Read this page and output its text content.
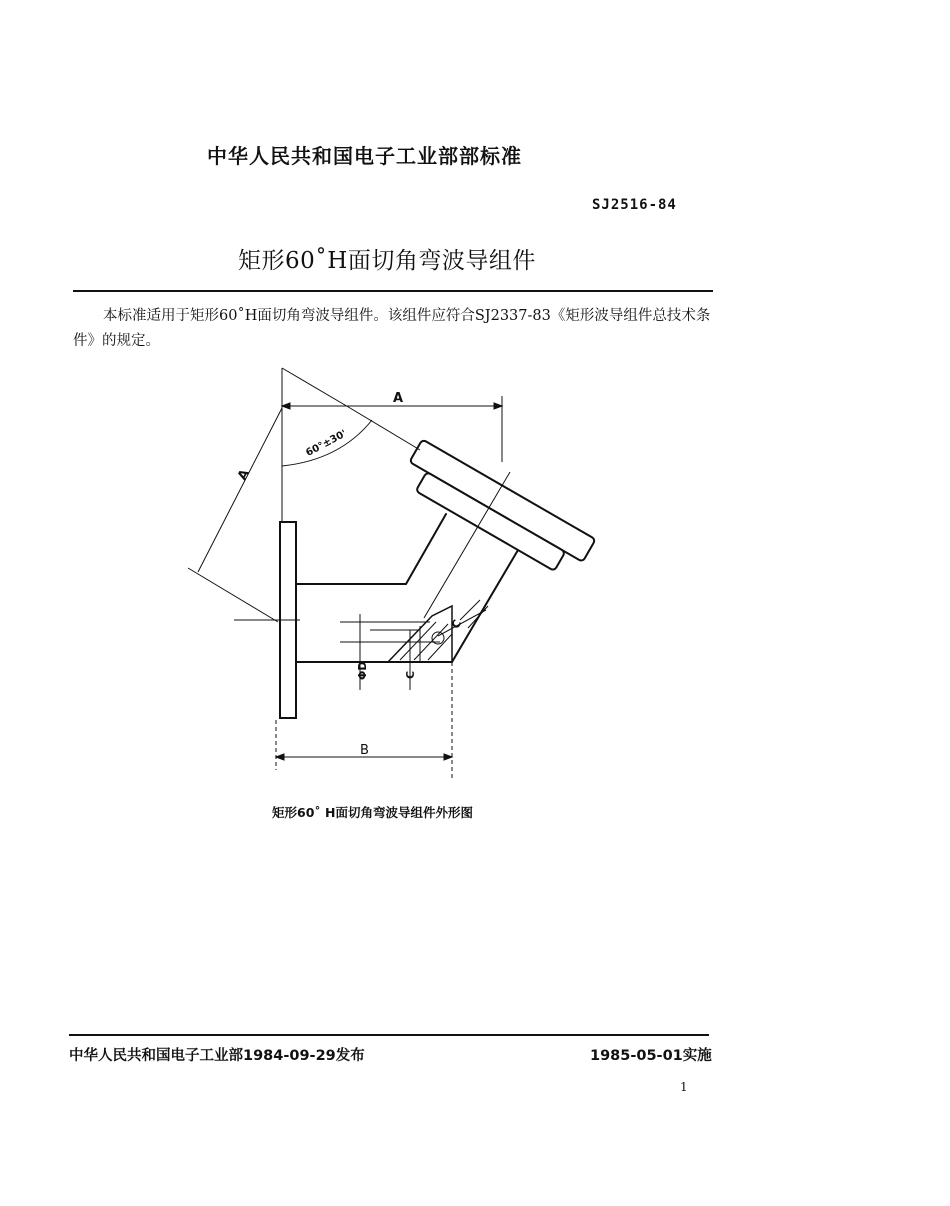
中华人民共和国电子工业部部标准
SJ2516-84
矩形60˚H面切角弯波导组件
本标准适用于矩形60˚H面切角弯波导组件。该组件应符合SJ2337-83《矩形波导组件总技术条件》的规定。
A
A
60°±30'
B
ΦD	C
C
矩形60˚ H面切角弯波导组件外形图
中华人民共和国电子工业部1984-09-29发布	1985-05-01实施
1
